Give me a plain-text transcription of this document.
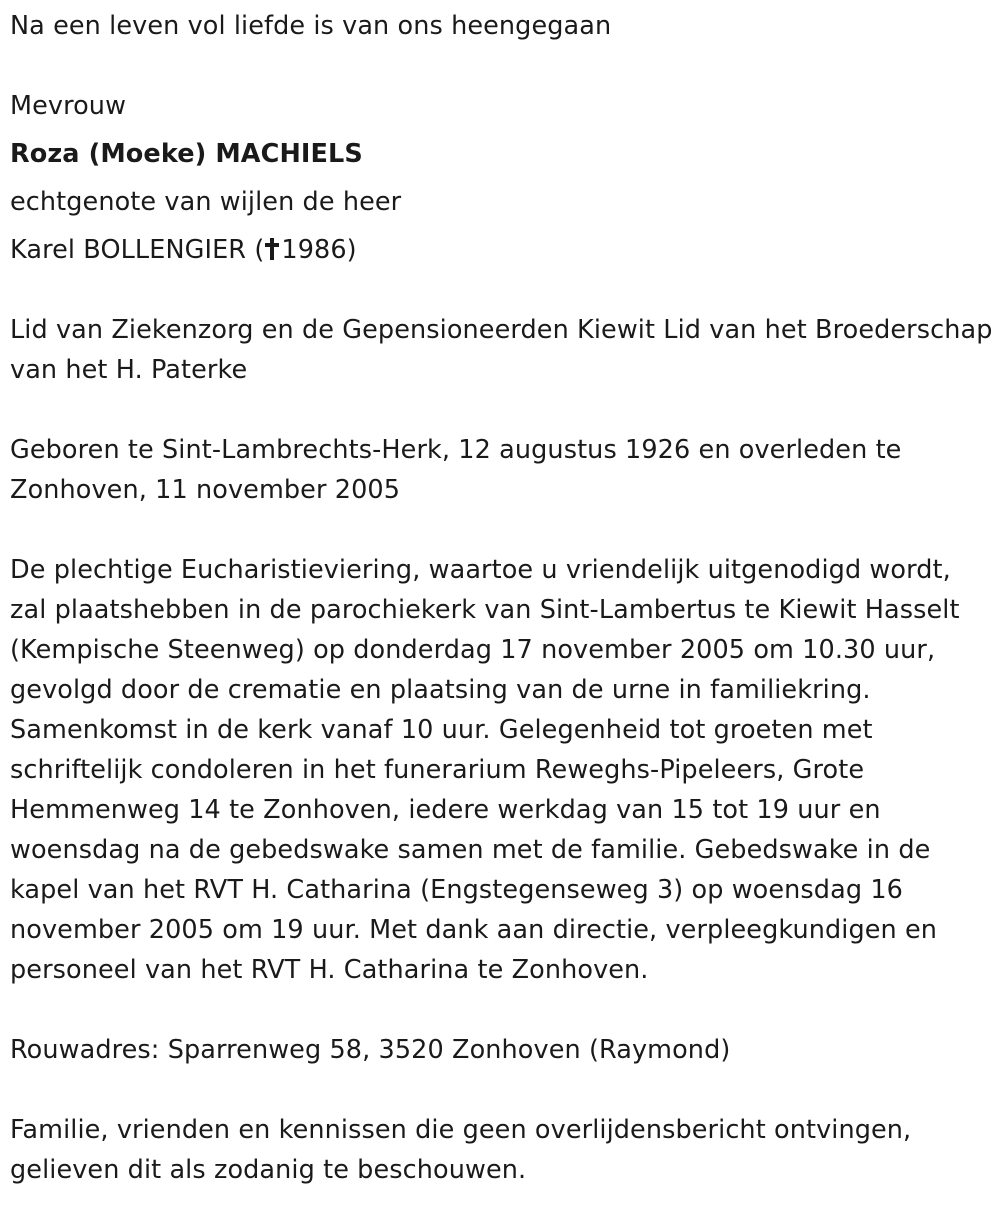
Na een leven vol liefde is van ons heengegaan
Mevrouw
Roza (Moeke) MACHIELS
echtgenote van wijlen de heer
Karel BOLLENGIER ( 1986)
Lid van Ziekenzorg en de Gepensioneerden Kiewit Lid van het Broederschap van het H. Paterke
Geboren te Sint-Lambrechts-Herk, 12 augustus 1926 en overleden te Zonhoven, 11 november 2005
De plechtige Eucharistieviering, waartoe u vriendelijk uitgenodigd wordt, zal plaatshebben in de parochiekerk van Sint-Lambertus te Kiewit Hasselt (Kempische Steenweg) op donderdag 17 november 2005 om 10.30 uur, gevolgd door de crematie en plaatsing van de urne in familiekring. Samenkomst in de kerk vanaf 10 uur. Gelegenheid tot groeten met schriftelijk condoleren in het funerarium Reweghs-Pipeleers, Grote Hemmenweg 14 te Zonhoven, iedere werkdag van 15 tot 19 uur en woensdag na de gebedswake samen met de familie. Gebedswake in de kapel van het RVT H. Catharina (Engstegenseweg 3) op woensdag 16 november 2005 om 19 uur. Met dank aan directie, verpleegkundigen en personeel van het RVT H. Catharina te Zonhoven.
Rouwadres: Sparrenweg 58, 3520 Zonhoven (Raymond)
Familie, vrienden en kennissen die geen overlijdensbericht ontvingen, gelieven dit als zodanig te beschouwen.
